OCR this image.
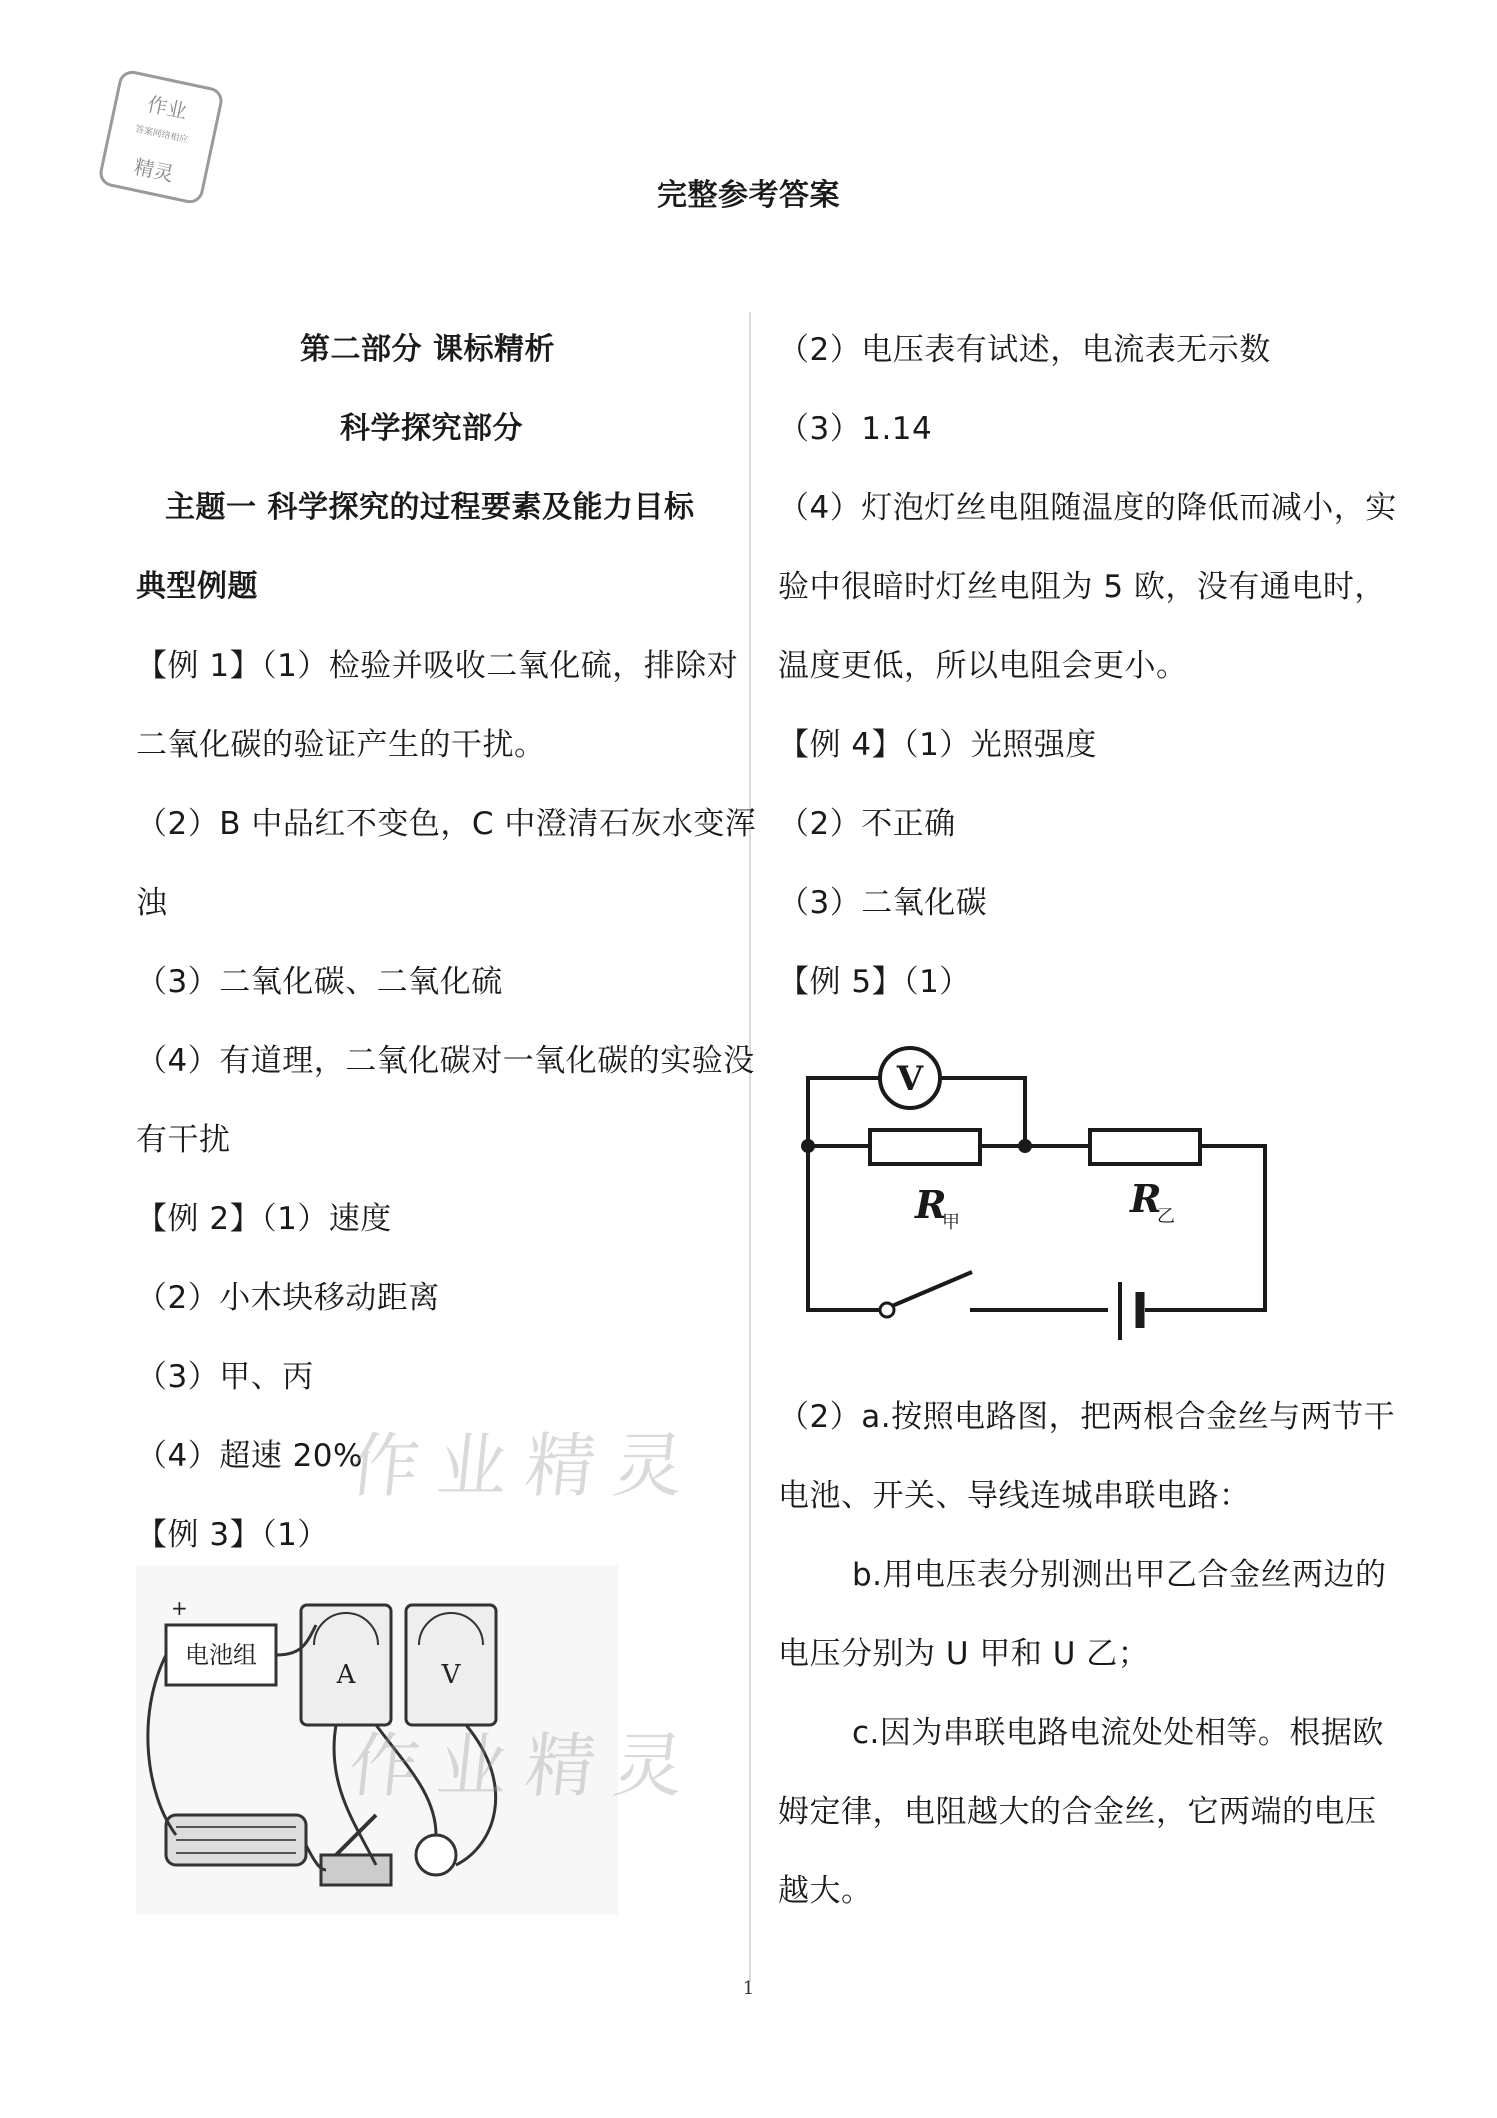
作业
答案网络相应
精灵
完整参考答案
第二部分 课标精析
科学探究部分
主题一 科学探究的过程要素及能力目标
典型例题
【例 1】（1）检验并吸收二氧化硫，排除对
二氧化碳的验证产生的干扰。
（2）B 中品红不变色，C 中澄清石灰水变浑
浊
（3）二氧化碳、二氧化硫
（4）有道理，二氧化碳对一氧化碳的实验没
有干扰
【例 2】（1）速度
（2）小木块移动距离
（3）甲、丙
（4）超速 20%
【例 3】（1）
电池组
+
A	V
（2）电压表有试述，电流表无示数
（3）1.14
（4）灯泡灯丝电阻随温度的降低而减小，实
验中很暗时灯丝电阻为 5 欧，没有通电时，
温度更低，所以电阻会更小。
【例 4】（1）光照强度
（2）不正确
（3）二氧化碳
【例 5】（1）
V
R
甲
R
乙
（2）a.按照电路图，把两根合金丝与两节干
电池、开关、导线连城串联电路：
b.用电压表分别测出甲乙合金丝两边的
电压分别为 U 甲和 U 乙；
c.因为串联电路电流处处相等。根据欧
姆定律，电阻越大的合金丝，它两端的电压
越大。
作业精灵
作业精灵
1
